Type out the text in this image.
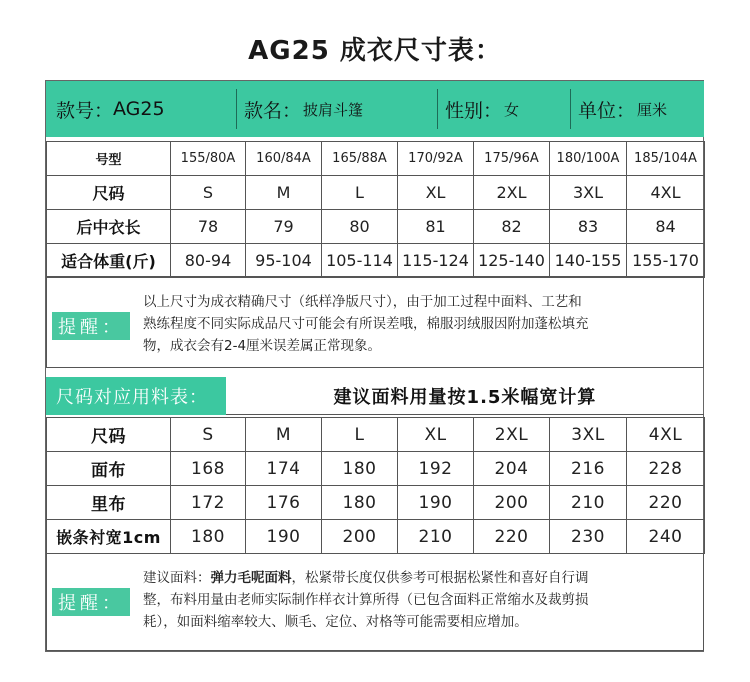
AG25 成衣尺寸表：
款号： AG25	款名： 披肩斗篷	性别： 女	单位： 厘米
号型	155/80A	160/84A	165/88A	170/92A	175/96A	180/100A	185/104A
尺码	S	M	L	XL	2XL	3XL	4XL
后中衣长	78	79	80	81	82	83	84
适合体重(斤)	80-94	95-104	105-114	115-124	125-140	140-155	155-170
提醒：
以上尺寸为成衣精确尺寸（纸样净版尺寸），由于加工过程中面料、工艺和
熟练程度不同实际成品尺寸可能会有所误差哦，棉服羽绒服因附加蓬松填充
物，成衣会有2-4厘米误差属正常现象。
尺码对应用料表：	建议面料用量按1.5米幅宽计算
尺码	S	M	L	XL	2XL	3XL	4XL
面布	168	174	180	192	204	216	228
里布	172	176	180	190	200	210	220
嵌条衬宽1cm	180	190	200	210	220	230	240
提醒：
建议面料：弹力毛呢面料，松紧带长度仅供参考可根据松紧性和喜好自行调
整，布料用量由老师实际制作样衣计算所得（已包含面料正常缩水及裁剪损
耗），如面料缩率较大、顺毛、定位、对格等可能需要相应增加。
